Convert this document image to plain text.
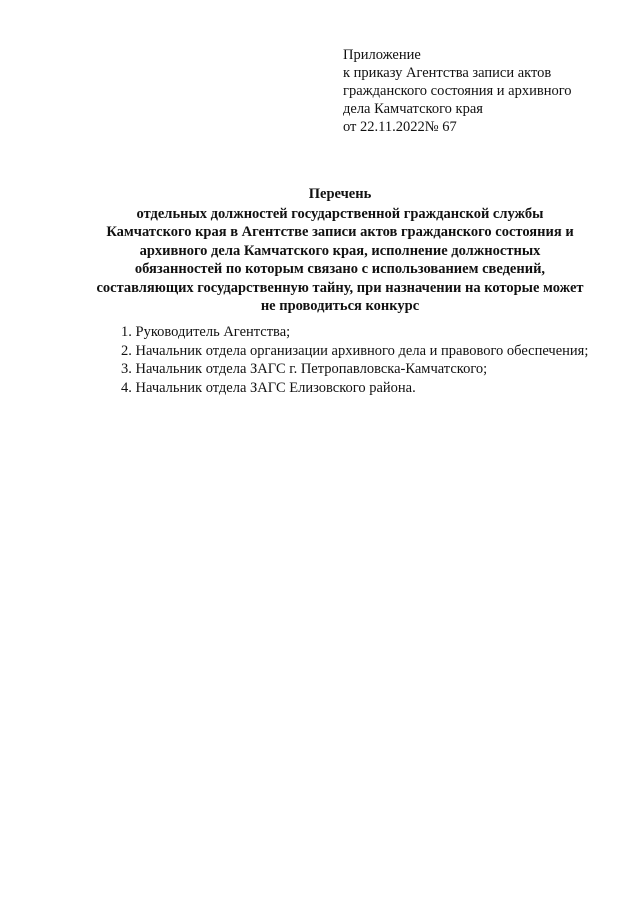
Приложение
к приказу Агентства записи актов
гражданского состояния и архивного
дела Камчатского края
от 22.11.2022№ 67
Перечень
отдельных должностей государственной гражданской службы
Камчатского края в Агентстве записи актов гражданского состояния и
архивного дела Камчатского края, исполнение должностных
обязанностей по которым связано с использованием сведений,
составляющих государственную тайну, при назначении на которые может
не проводиться конкурс
1. Руководитель Агентства;
2. Начальник отдела организации архивного дела и правового обеспечения;
3. Начальник отдела ЗАГС г. Петропавловска-Камчатского;
4. Начальник отдела ЗАГС Елизовского района.
